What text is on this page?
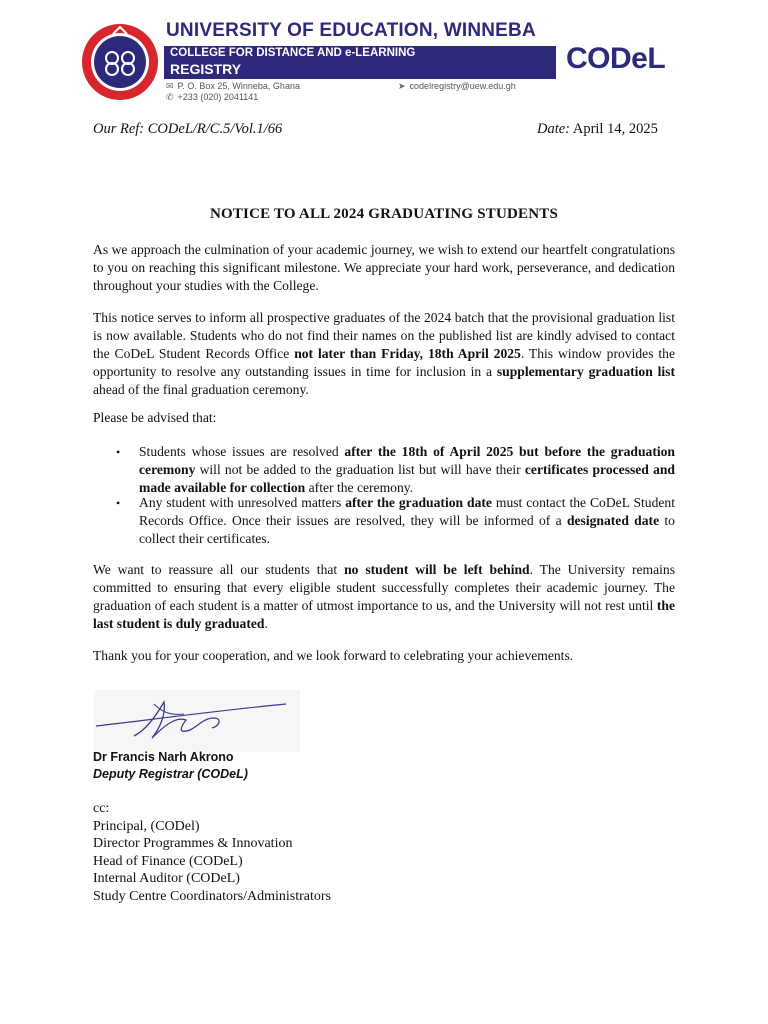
UNIVERSITY OF EDUCATION, WINNEBA
COLLEGE FOR DISTANCE AND e-LEARNING
REGISTRY
✉ P. O. Box 25, Winneba, Ghana
✆ +233 (020) 2041141
➤ codelregistry@uew.edu.gh
CODeL
Our Ref: CODeL/R/C.5/Vol.1/66	Date: April 14, 2025
NOTICE TO ALL 2024 GRADUATING STUDENTS
As we approach the culmination of your academic journey, we wish to extend our heartfelt congratulations to you on reaching this significant milestone. We appreciate your hard work, perseverance, and dedication throughout your studies with the College.
This notice serves to inform all prospective graduates of the 2024 batch that the provisional graduation list is now available. Students who do not find their names on the published list are kindly advised to contact the CoDeL Student Records Office not later than Friday, 18th April 2025. This window provides the opportunity to resolve any outstanding issues in time for inclusion in a supplementary graduation list ahead of the final graduation ceremony.
Please be advised that:
• Students whose issues are resolved after the 18th of April 2025 but before the graduation ceremony will not be added to the graduation list but will have their certificates processed and made available for collection after the ceremony.
• Any student with unresolved matters after the graduation date must contact the CoDeL Student Records Office. Once their issues are resolved, they will be informed of a designated date to collect their certificates.
We want to reassure all our students that no student will be left behind. The University remains committed to ensuring that every eligible student successfully completes their academic journey. The graduation of each student is a matter of utmost importance to us, and the University will not rest until the last student is duly graduated.
Thank you for your cooperation, and we look forward to celebrating your achievements.
Dr Francis Narh Akrono
Deputy Registrar (CODeL)
cc:
Principal, (CODel)
Director Programmes & Innovation
Head of Finance (CODeL)
Internal Auditor (CODeL)
Study Centre Coordinators/Administrators
